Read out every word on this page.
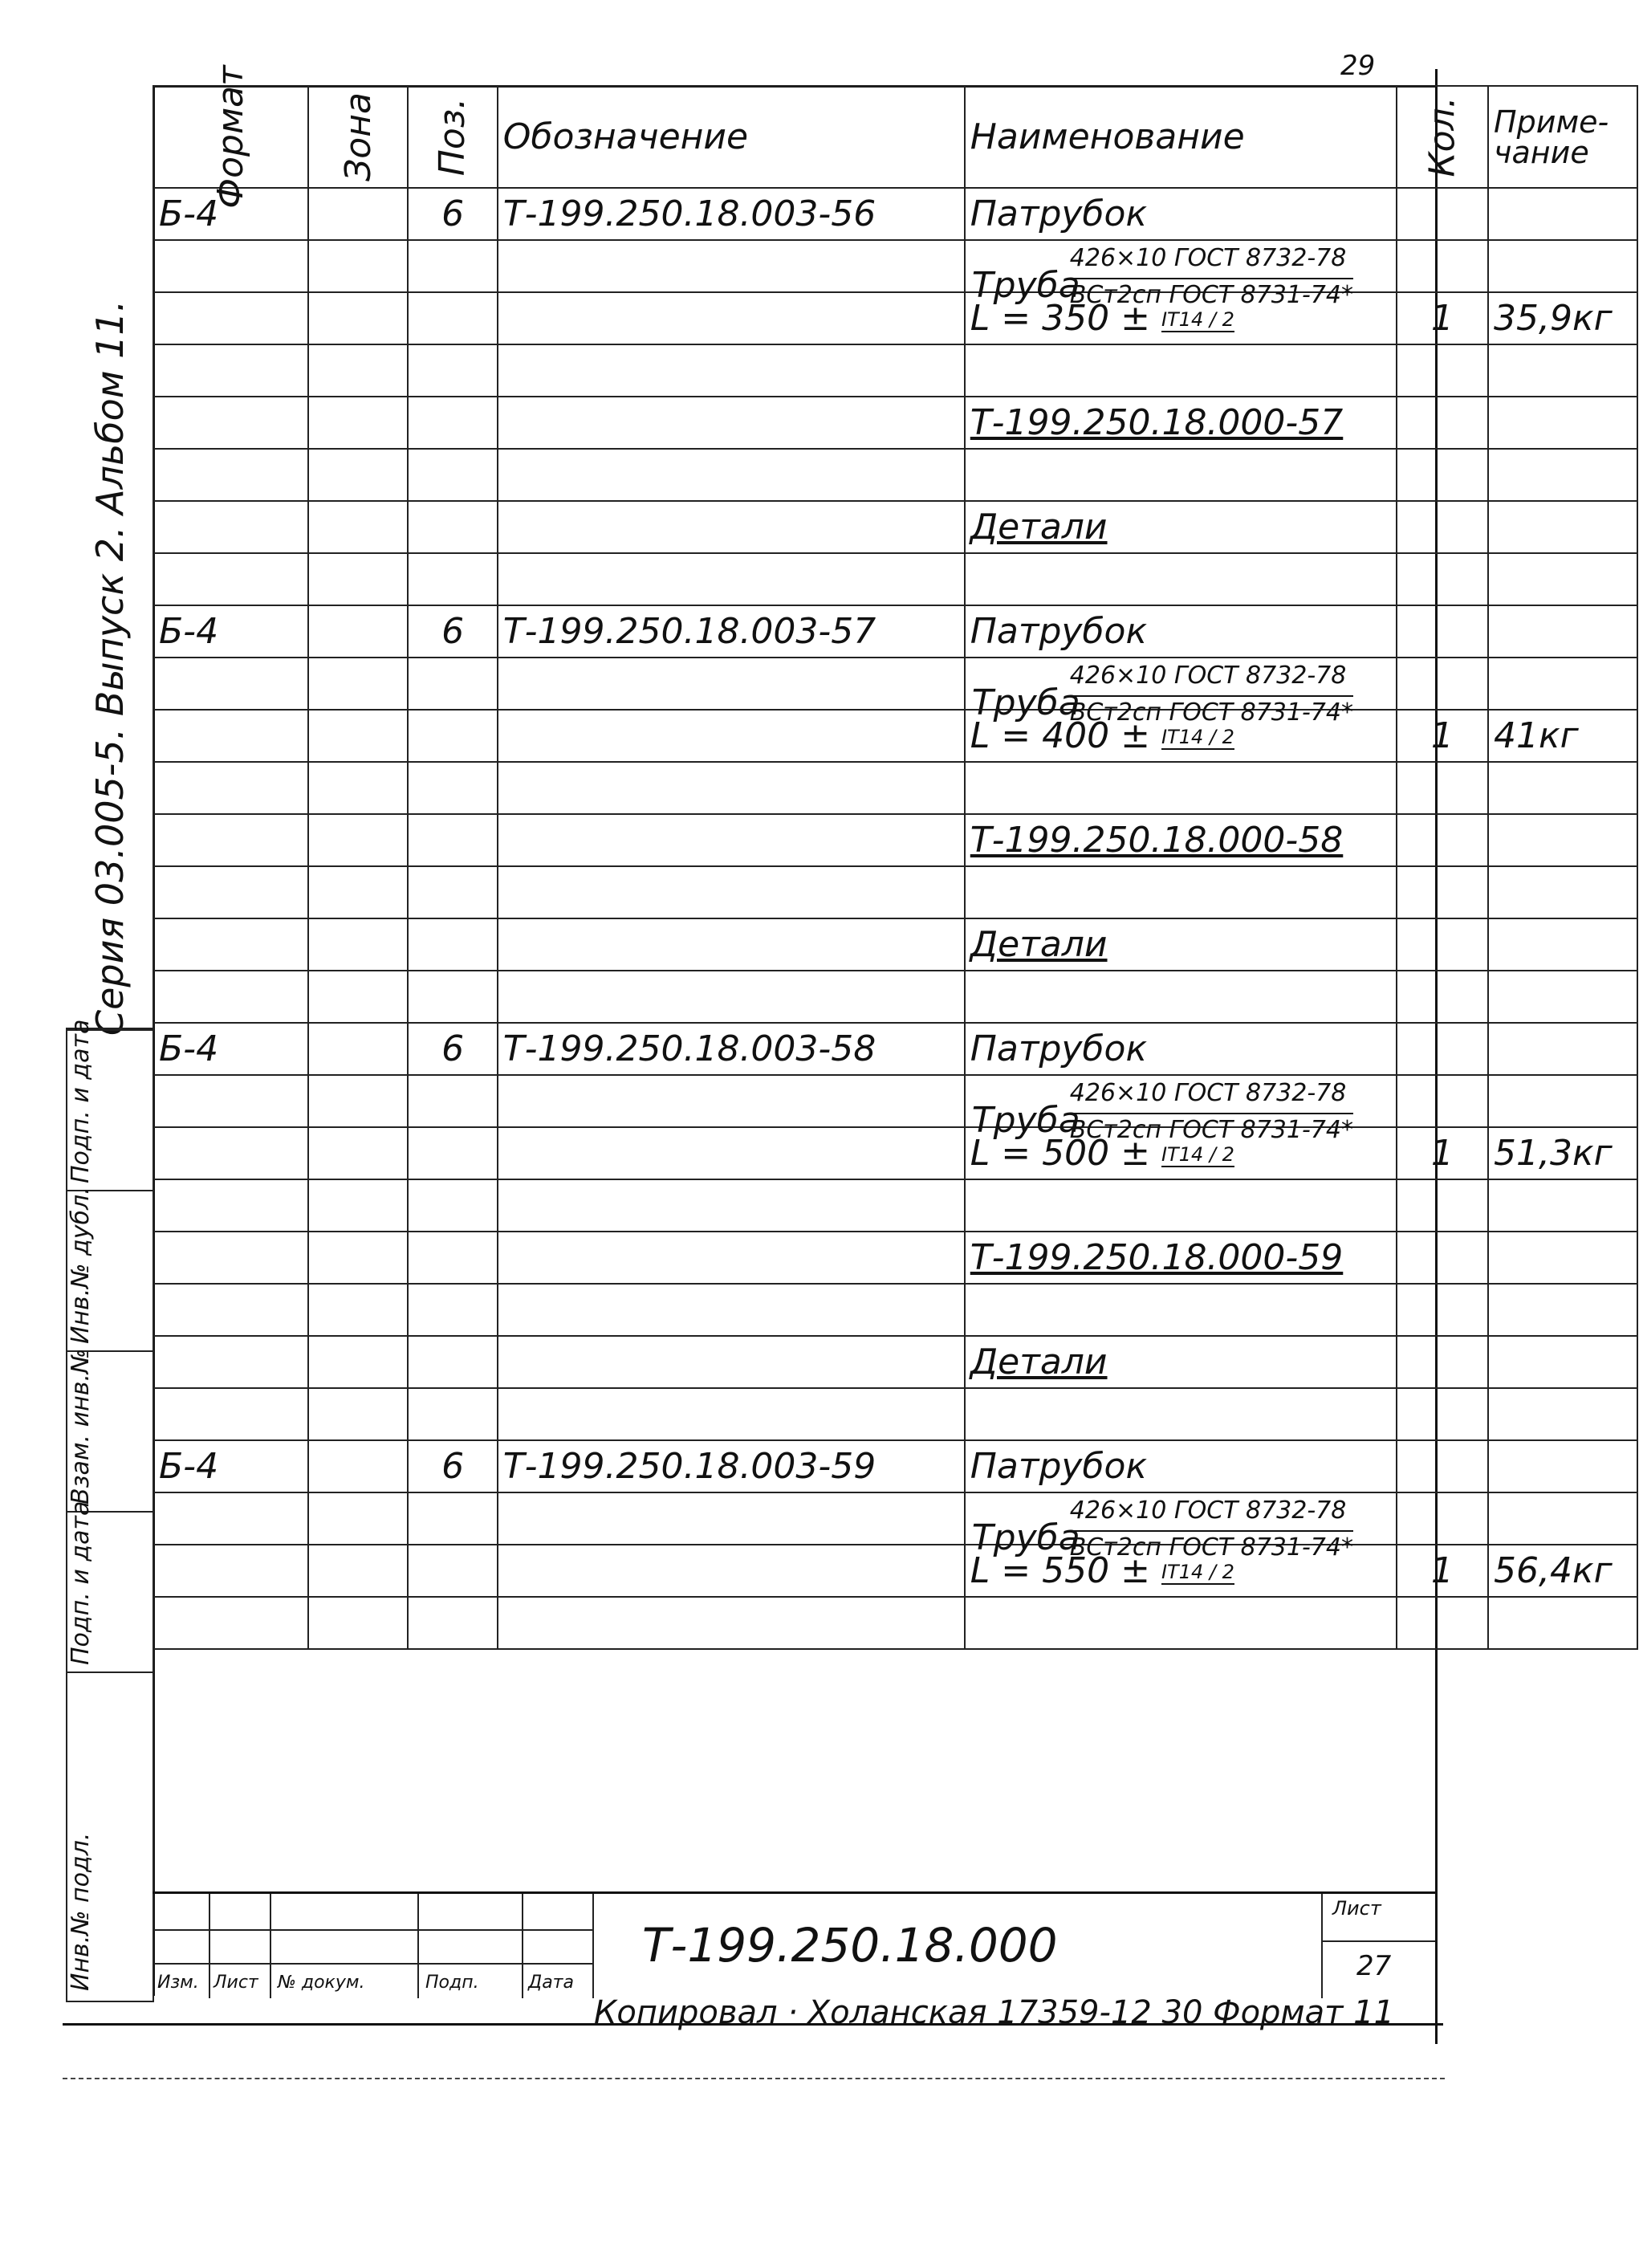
29
Формат	Зона	Поз.	Обозначение	Наименование	Кол.	Приме-чание
Б-4		6	Т-199.250.18.003-56	Патрубок		

				Труба
426×10 ГОСТ 8732-78
ВСт2сп ГОСТ 8731-74*		

				L = 350 ± IT14 / 2	1	35,9кг

				Т-199.250.18.000-57		

				Детали		

Б-4		6	Т-199.250.18.003-57	Патрубок		

				Труба
426×10 ГОСТ 8732-78
ВСт2сп ГОСТ 8731-74*		

				L = 400 ± IT14 / 2	1	41кг

				Т-199.250.18.000-58		

				Детали		

Б-4		6	Т-199.250.18.003-58	Патрубок		

				Труба
426×10 ГОСТ 8732-78
ВСт2сп ГОСТ 8731-74*		

				L = 500 ± IT14 / 2	1	51,3кг

				Т-199.250.18.000-59		

				Детали		

Б-4		6	Т-199.250.18.003-59	Патрубок		

				Труба
426×10 ГОСТ 8732-78
ВСт2сп ГОСТ 8731-74*		

				L = 550 ± IT14 / 2	1	56,4кг

Серия 03.005-5. Выпуск 2. Альбом 11.
Подп. и дата
Инв.№ дубл.
Взам. инв.№
Подп. и дата
Инв.№ подл.	Изм. Лист № докум.	Подп.	Дата
Т-199.250.18.000
Лист
27
Копировал · Холанская 17359-12 30 Формат 11
